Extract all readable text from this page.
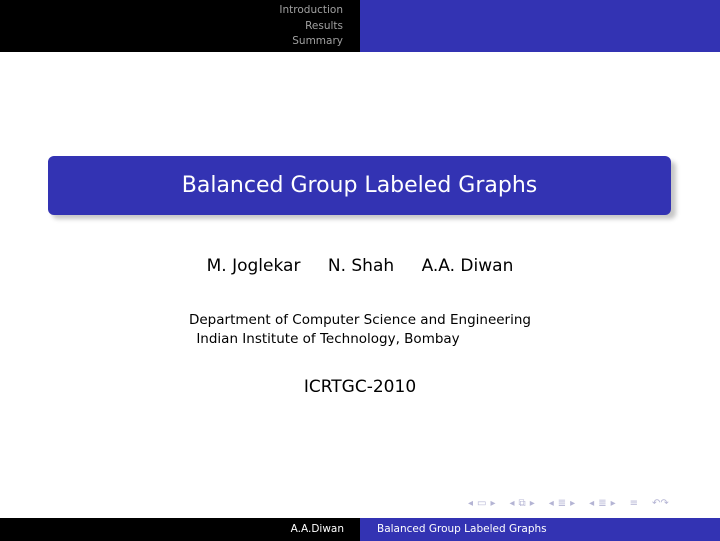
Introduction
Results
Summary
Balanced Group Labeled Graphs
M. Joglekar N. Shah A.A. Diwan
Department of Computer Science and Engineering
Indian Institute of Technology, Bombay
ICRTGC-2010
◂ ▭ ▸ ◂ ⧉ ▸ ◂ ≣ ▸ ◂ ≣ ▸ ≡ ↶↷
A.A.Diwan	Balanced Group Labeled Graphs
